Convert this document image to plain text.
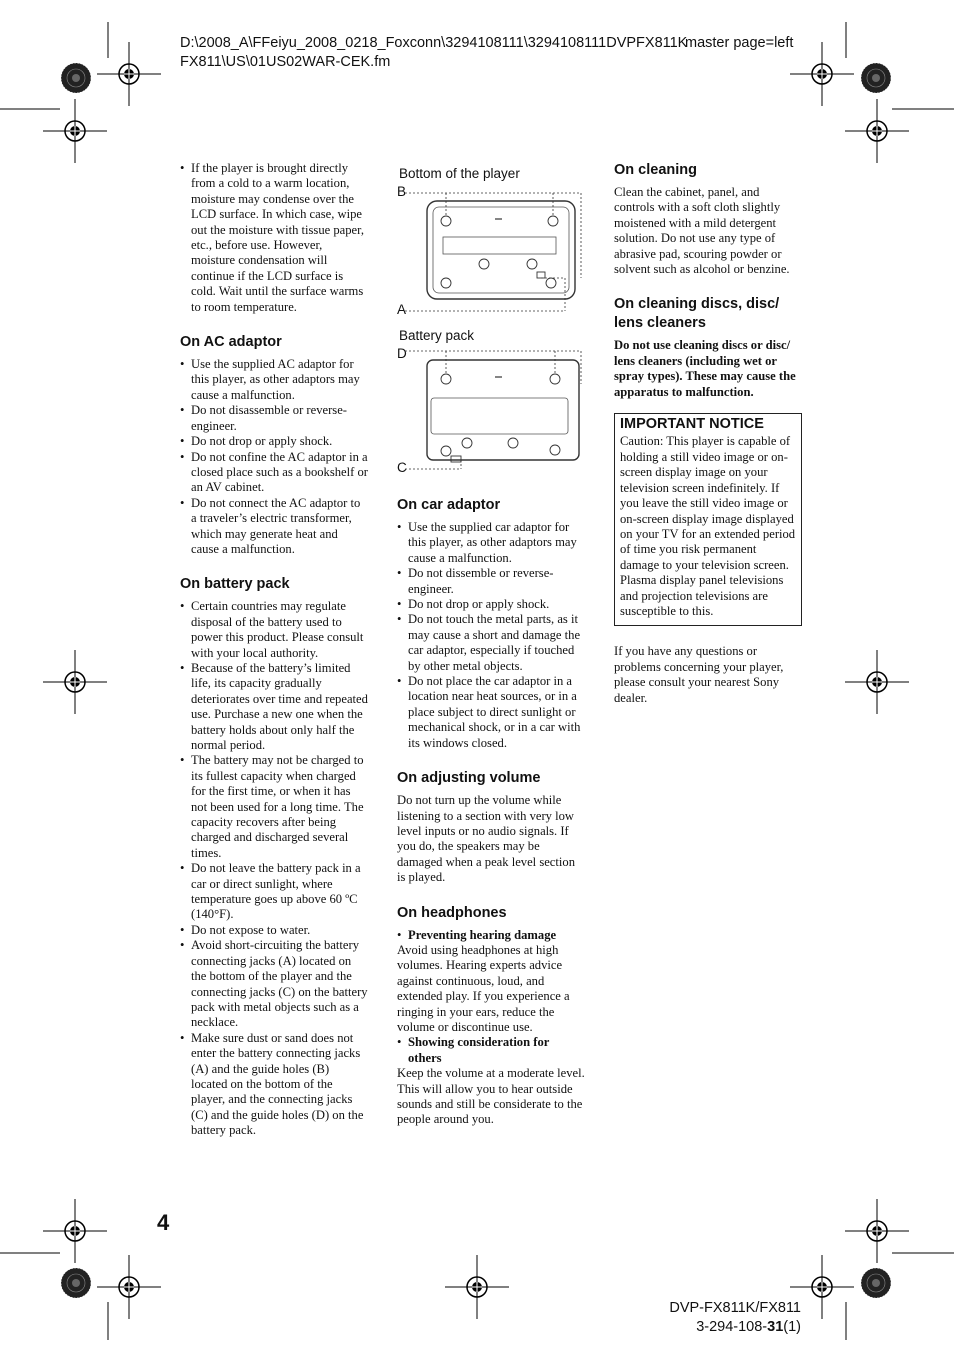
D:\2008_A\FFeiyu_2008_0218_Foxconn\3294108111\3294108111DVPFX811K
master page=left
FX811\US\01US02WAR-CEK.fm
4
DVP-FX811K/FX811
3-294-108-31(1)
• If the player is brought directly from a cold to a warm location, moisture may condense over the LCD surface. In which case, wipe out the moisture with tissue paper, etc., before use. However, moisture condensation will continue if the LCD surface is cold. Wait until the surface warms to room temperature.
On AC adaptor
• Use the supplied AC adaptor for this player, as other adaptors may cause a malfunction.
• Do not disassemble or reverse-engineer.
• Do not drop or apply shock.
• Do not confine the AC adaptor in a closed place such as a bookshelf or an AV cabinet.
• Do not connect the AC adaptor to a traveler’s electric transformer, which may generate heat and cause a malfunction.
On battery pack
• Certain countries may regulate disposal of the battery used to power this product. Please consult with your local authority.
• Because of the battery’s limited life, its capacity gradually deteriorates over time and repeated use. Purchase a new one when the battery holds about only half the normal period.
• The battery may not be charged to its fullest capacity when charged for the first time, or when it has not been used for a long time. The capacity recovers after being charged and discharged several times.
• Do not leave the battery pack in a car or direct sunlight, where temperature goes up above 60 ºC (140°F).
• Do not expose to water.
• Avoid short-circuiting the battery connecting jacks (A) located on the bottom of the player and the connecting jacks (C) on the battery pack with metal objects such as a necklace.
• Make sure dust or sand does not enter the battery connecting jacks (A) and the guide holes (B) located on the bottom of the player, and the connecting jacks (C) and the guide holes (D) on the battery pack.
Bottom of the player
B
A
Battery pack
D
C
On car adaptor
• Use the supplied car adaptor for this player, as other adaptors may cause a malfunction.
• Do not dissemble or reverse-engineer.
• Do not drop or apply shock.
• Do not touch the metal parts, as it may cause a short and damage the car adaptor, especially if touched by other metal objects.
• Do not place the car adaptor in a location near heat sources, or in a place subject to direct sunlight or mechanical shock, or in a car with its windows closed.
On adjusting volume

Do not turn up the volume while listening to a section with very low level inputs or no audio signals. If you do, the speakers may be damaged when a peak level section is played.

On headphones
• Preventing hearing damage

Avoid using headphones at high volumes. Hearing experts advice against continuous, loud, and extended play. If you experience a ringing in your ears, reduce the volume or discontinue use.

• Showing consideration for others

Keep the volume at a moderate level. This will allow you to hear outside sounds and still be considerate to the people around you.

On cleaning

Clean the cabinet, panel, and controls with a soft cloth slightly moistened with a mild detergent solution. Do not use any type of abrasive pad, scouring powder or solvent such as alcohol or benzine.

On cleaning discs, disc/ lens cleaners

Do not use cleaning discs or disc/ lens cleaners (including wet or spray types). These may cause the apparatus to malfunction.

IMPORTANT NOTICE

Caution: This player is capable of holding a still video image or on-screen display image on your television screen indefinitely. If you leave the still video image or on-screen display image displayed on your TV for an extended period of time you risk permanent damage to your television screen. Plasma display panel televisions and projection televisions are susceptible to this.

If you have any questions or problems concerning your player, please consult your nearest Sony dealer.
